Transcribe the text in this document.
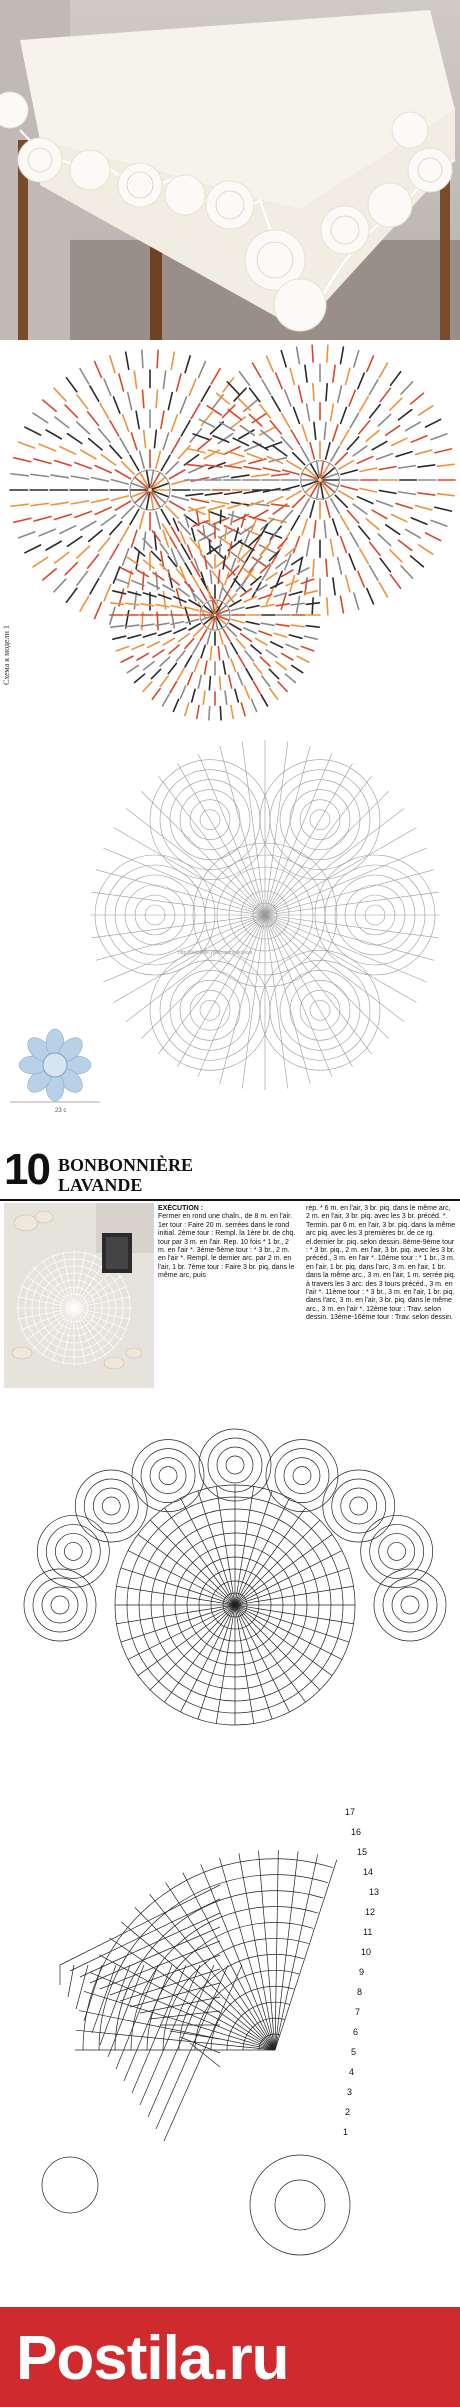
Схема к модели 1
http://liukrinite.yolvo.com/nikolaya
23 c
10 BONBONNIÈRE
LAVANDE
EXÉCUTION :
Fermer en rond une chaîn., de 8 m. en l'air. 1er tour : Faire 20 m. serrées dans le rond initial. 2ème tour : Rempl. la 1ère br. de chq. tour par 3 m. en l'air. Rep. 10 fois * 1 br., 2 m. en l'air *. 3ème-5ème tour : * 3 br., 2 m. en l'air *. Rempl. le dernier arc. par 2 m. en l'air, 1 br. 7ème tour : Faire 3 br. piq. dans le même arc, puis
rép. * 6 m. en l'air, 3 br. piq. dans le même arc, 2 m. en l'air, 3 br. piq. avec les 3 br. précéd. *. Termin. par 6 m. en l'air, 3 br. piq. dans la même arc piq. avec les 3 premières br. de ce rg. el.dernier br. piq. selon dessin. 8ème-9ème tour : * 3 br. piq., 2 m. en l'air, 3 br. piq. avec les 3 br. précéd., 3 m. en l'air *. 10ème tour : * 1 br., 3 m. en l'air, 1 br. piq. dans l'arc, 3 m. en l'air, 1 br. dans la même arc., 3 m. en l'air, 1 m. serrée piq. à travers les 3 arc. des 3 tours précéd., 3 m. en l'air *. 11ème tour : * 3 br., 3 m. en l'air, 1 br. piq. dans l'arc, 3 m. en l'air, 3 br. piq. dans le même arc., 3 m. en l'air *. 12ème tour : Trav. selon dessin. 13ème-16ème tour : Trav. selon dessin.
17
16
15
14
13
12
11
10
9
8
7
6
5
4
3
2
1
Postila.ru
